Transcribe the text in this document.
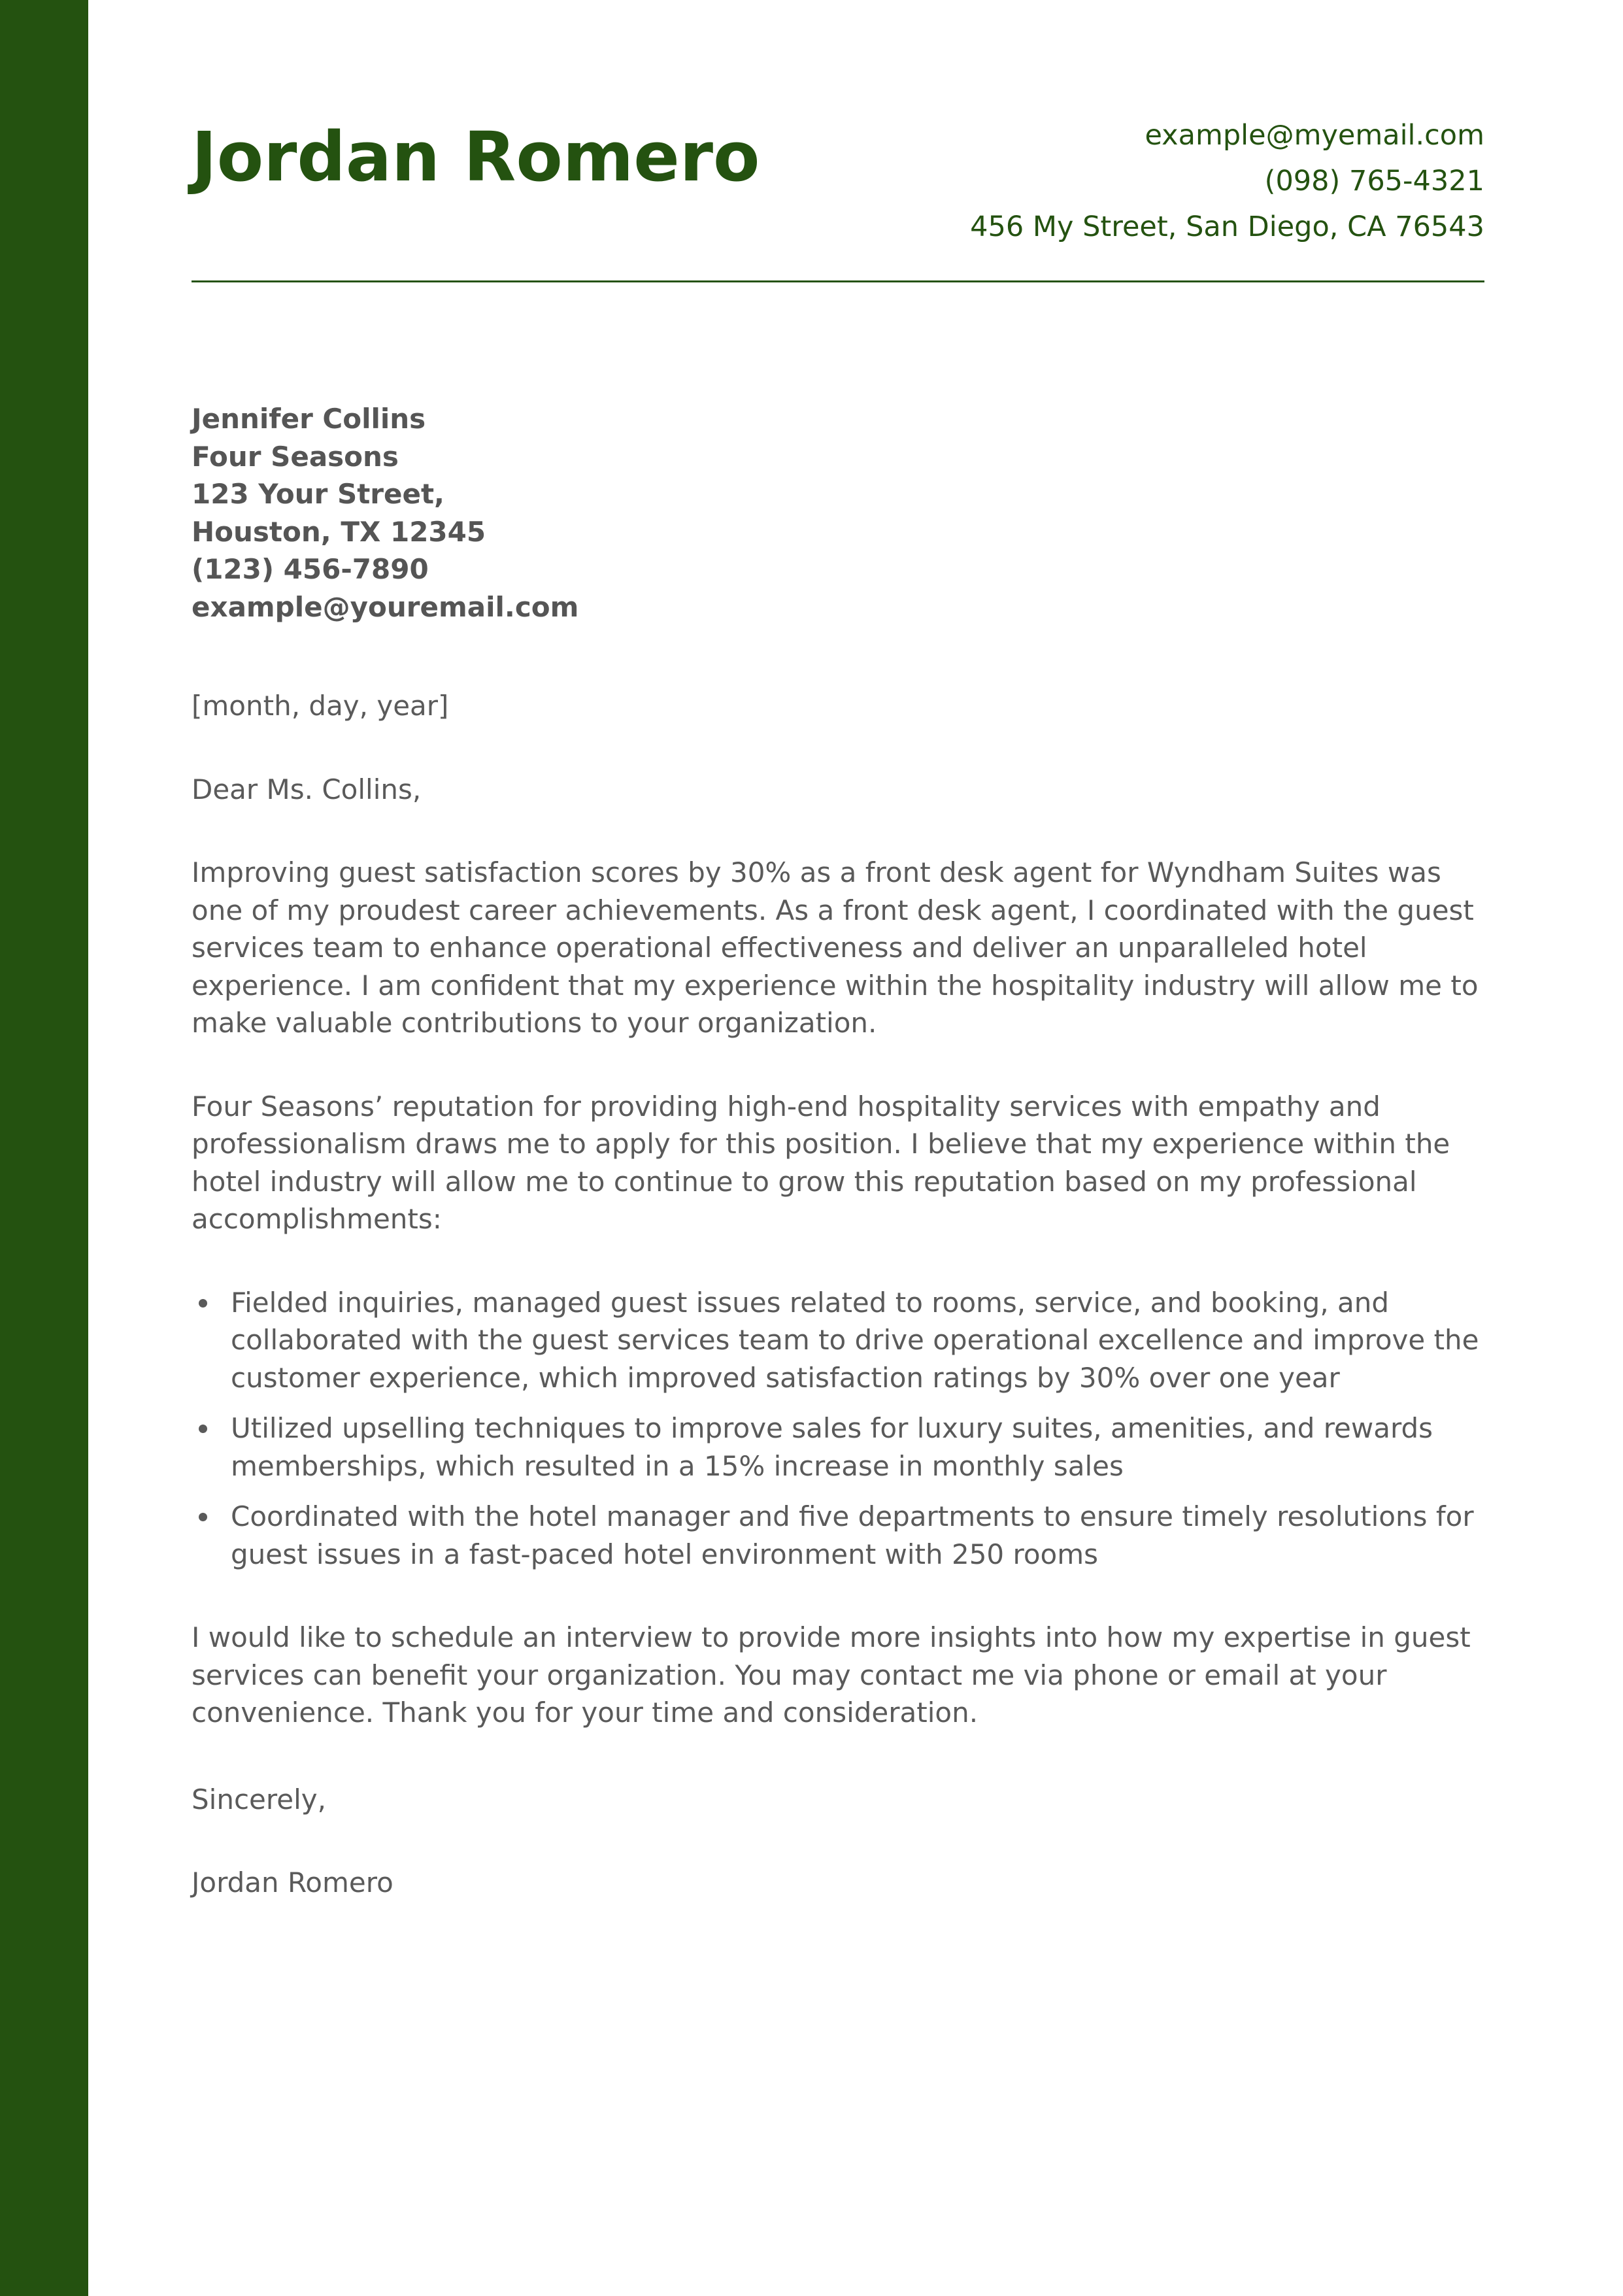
Jordan Romero	example@myemail.com
(098) 765-4321
456 My Street, San Diego, CA 76543
Jennifer Collins
Four Seasons
123 Your Street,
Houston, TX 12345
(123) 456-7890
example@youremail.com
[month, day, year]
Dear Ms. Collins,

Improving guest satisfaction scores by 30% as a front desk agent for Wyndham Suites was one of my proudest career achievements. As a front desk agent, I coordinated with the guest services team to enhance operational effectiveness and deliver an unparalleled hotel experience. I am confident that my experience within the hospitality industry will allow me to make valuable contributions to your organization.

Four Seasons’ reputation for providing high-end hospitality services with empathy and professionalism draws me to apply for this position. I believe that my experience within the hotel industry will allow me to continue to grow this reputation based on my professional accomplishments:

Fielded inquiries, managed guest issues related to rooms, service, and booking, and collaborated with the guest services team to drive operational excellence and improve the customer experience, which improved satisfaction ratings by 30% over one year
Utilized upselling techniques to improve sales for luxury suites, amenities, and rewards memberships, which resulted in a 15% increase in monthly sales
Coordinated with the hotel manager and five departments to ensure timely resolutions for guest issues in a fast-paced hotel environment with 250 rooms

I would like to schedule an interview to provide more insights into how my expertise in guest services can benefit your organization. You may contact me via phone or email at your convenience. Thank you for your time and consideration.

Sincerely,
Jordan Romero
